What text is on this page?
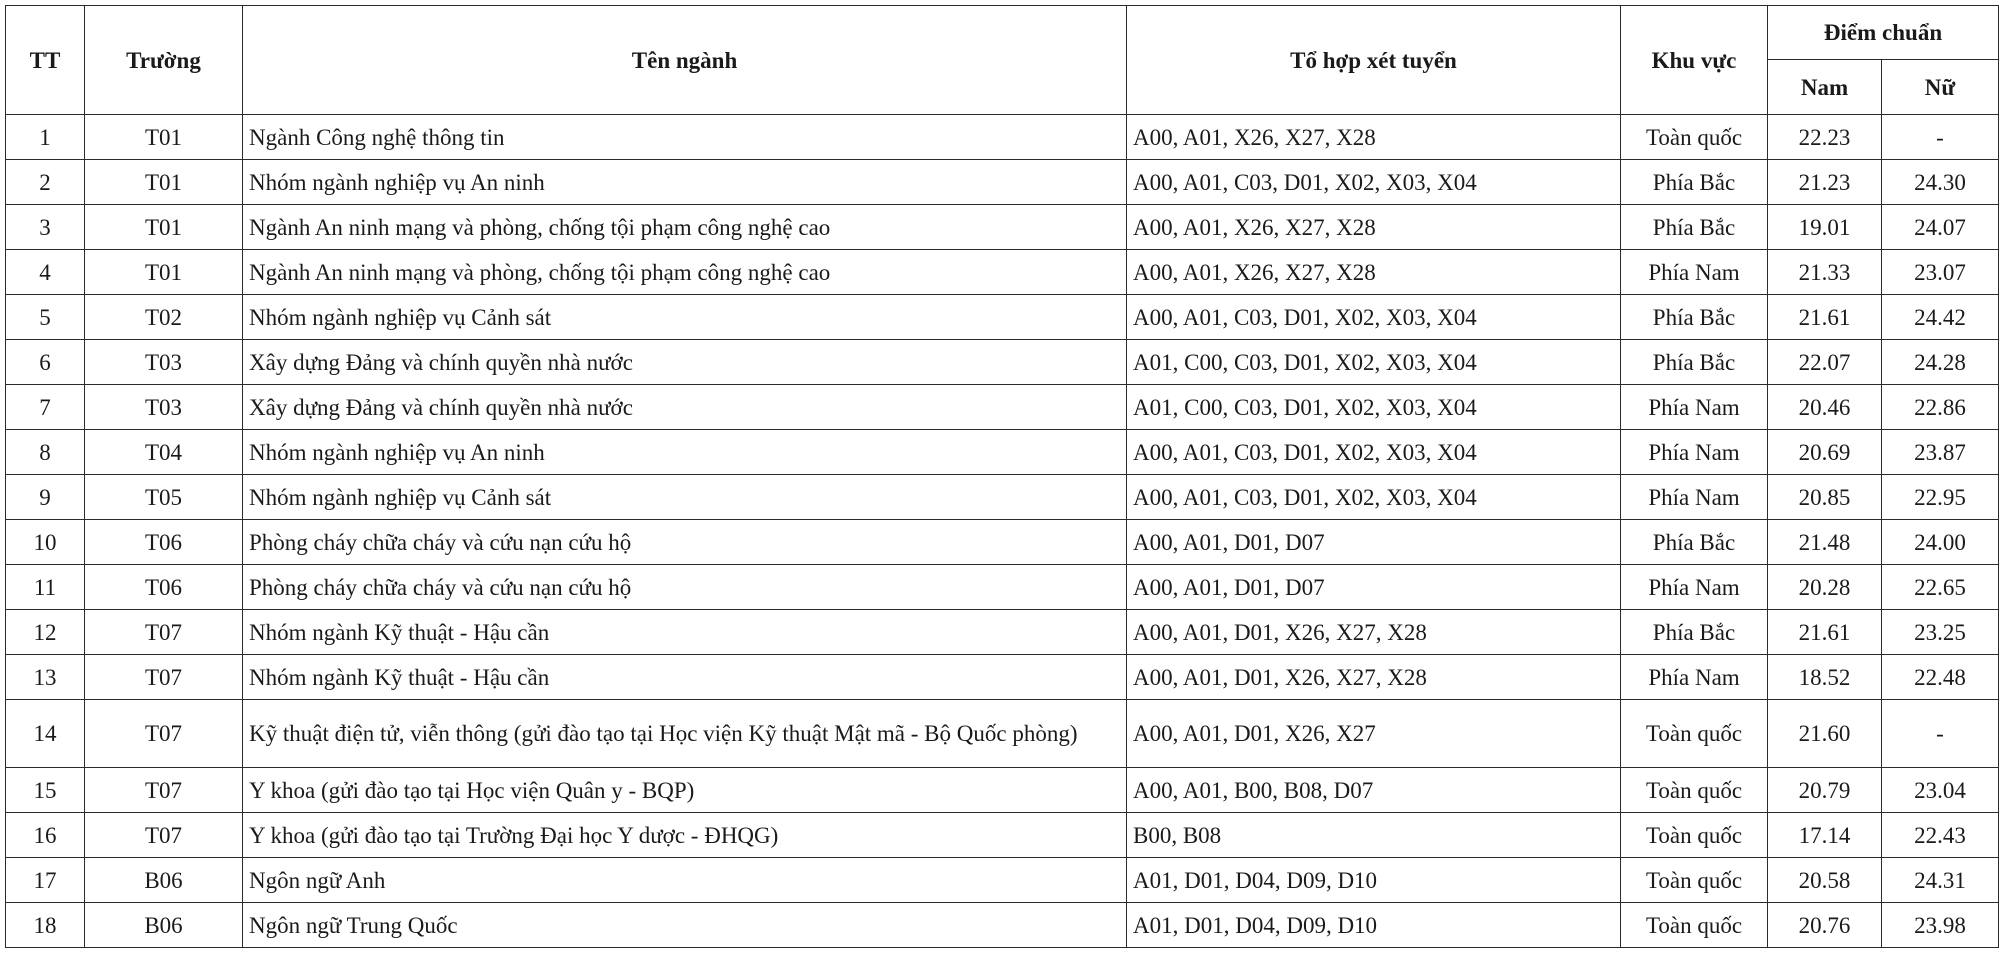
TT	Trường	Tên ngành	Tổ hợp xét tuyển	Khu vực	Điểm chuẩn	
					Nam	Nữ
1	T01	Ngành Công nghệ thông tin	A00, A01, X26, X27, X28	Toàn quốc	22.23	-
2	T01	Nhóm ngành nghiệp vụ An ninh	A00, A01, C03, D01, X02, X03, X04	Phía Bắc	21.23	24.30
3	T01	Ngành An ninh mạng và phòng, chống tội phạm công nghệ cao	A00, A01, X26, X27, X28	Phía Bắc	19.01	24.07
4	T01	Ngành An ninh mạng và phòng, chống tội phạm công nghệ cao	A00, A01, X26, X27, X28	Phía Nam	21.33	23.07
5	T02	Nhóm ngành nghiệp vụ Cảnh sát	A00, A01, C03, D01, X02, X03, X04	Phía Bắc	21.61	24.42
6	T03	Xây dựng Đảng và chính quyền nhà nước	A01, C00, C03, D01, X02, X03, X04	Phía Bắc	22.07	24.28
7	T03	Xây dựng Đảng và chính quyền nhà nước	A01, C00, C03, D01, X02, X03, X04	Phía Nam	20.46	22.86
8	T04	Nhóm ngành nghiệp vụ An ninh	A00, A01, C03, D01, X02, X03, X04	Phía Nam	20.69	23.87
9	T05	Nhóm ngành nghiệp vụ Cảnh sát	A00, A01, C03, D01, X02, X03, X04	Phía Nam	20.85	22.95
10	T06	Phòng cháy chữa cháy và cứu nạn cứu hộ	A00, A01, D01, D07	Phía Bắc	21.48	24.00
11	T06	Phòng cháy chữa cháy và cứu nạn cứu hộ	A00, A01, D01, D07	Phía Nam	20.28	22.65
12	T07	Nhóm ngành Kỹ thuật - Hậu cần	A00, A01, D01, X26, X27, X28	Phía Bắc	21.61	23.25
13	T07	Nhóm ngành Kỹ thuật - Hậu cần	A00, A01, D01, X26, X27, X28	Phía Nam	18.52	22.48
14	T07	Kỹ thuật điện tử, viễn thông (gửi đào tạo tại Học viện Kỹ thuật Mật mã - Bộ Quốc phòng)	A00, A01, D01, X26, X27	Toàn quốc	21.60	-
15	T07	Y khoa (gửi đào tạo tại Học viện Quân y - BQP)	A00, A01, B00, B08, D07	Toàn quốc	20.79	23.04
16	T07	Y khoa (gửi đào tạo tại Trường Đại học Y dược - ĐHQG)	B00, B08	Toàn quốc	17.14	22.43
17	B06	Ngôn ngữ Anh	A01, D01, D04, D09, D10	Toàn quốc	20.58	24.31
18	B06	Ngôn ngữ Trung Quốc	A01, D01, D04, D09, D10	Toàn quốc	20.76	23.98
